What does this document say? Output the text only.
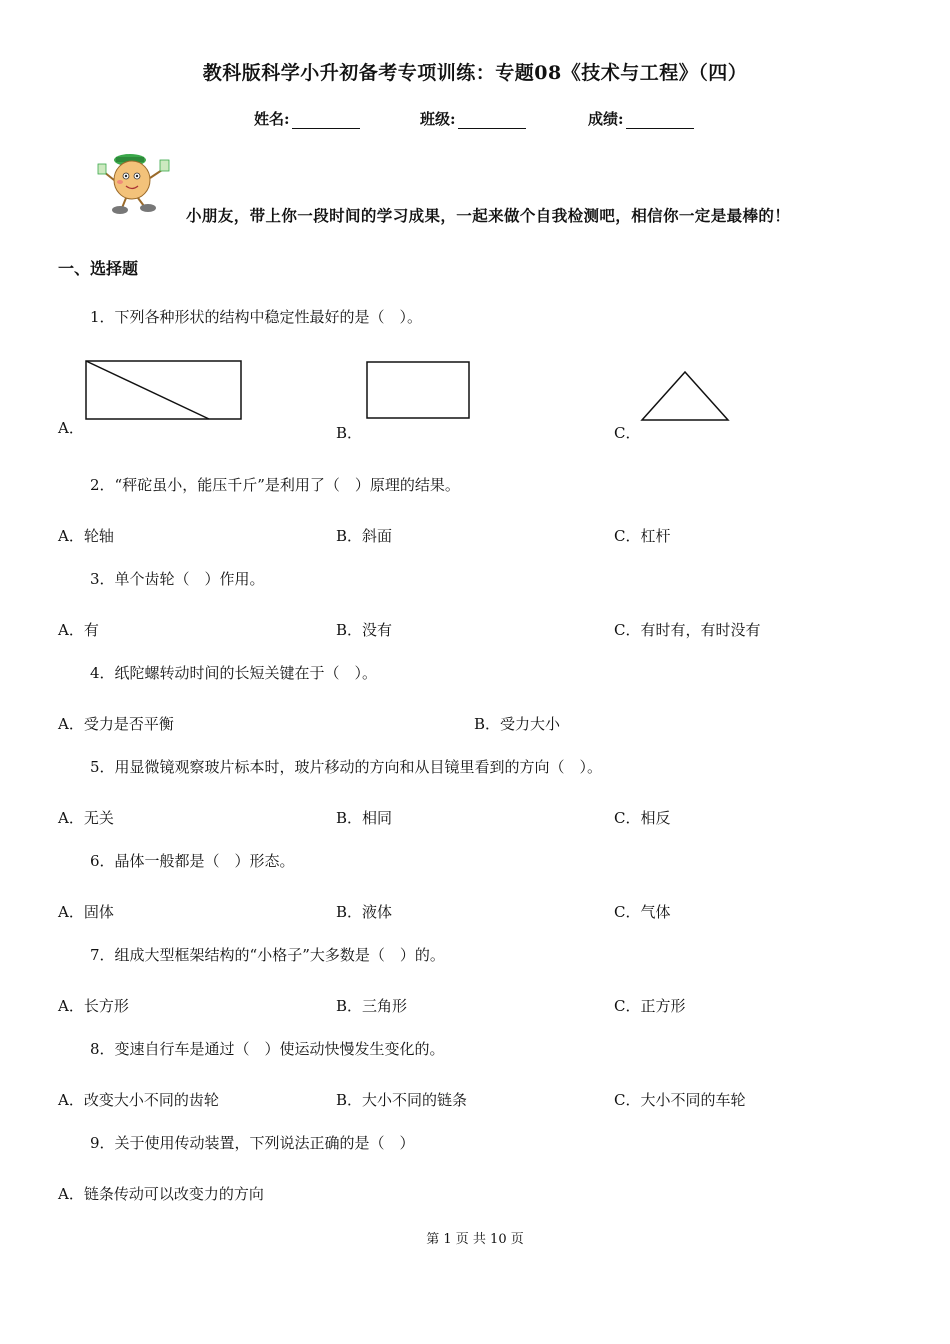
教科版科学小升初备考专项训练：专题08《技术与工程》（四）
姓名:	班级:	成绩:
小朋友，带上你一段时间的学习成果，一起来做个自我检测吧，相信你一定是最棒的！
一、选择题
1．下列各种形状的结构中稳定性最好的是（　）。
A．	B．	C．
2．“秤砣虽小，能压千斤”是利用了（　）原理的结果。
A．轮轴	B．斜面	C．杠杆
3．单个齿轮（　）作用。
A．有	B．没有	C．有时有，有时没有
4．纸陀螺转动时间的长短关键在于（　）。
A．受力是否平衡	B．受力大小
5．用显微镜观察玻片标本时，玻片移动的方向和从目镜里看到的方向（　）。
A．无关	B．相同	C．相反
6．晶体一般都是（　）形态。
A．固体	B．液体	C．气体
7．组成大型框架结构的“小格子”大多数是（　）的。
A．长方形	B．三角形	C．正方形
8．变速自行车是通过（　）使运动快慢发生变化的。
A．改变大小不同的齿轮	B．大小不同的链条	C．大小不同的车轮
9．关于使用传动装置，下列说法正确的是（　）
A．链条传动可以改变力的方向
第 1 页 共 10 页
